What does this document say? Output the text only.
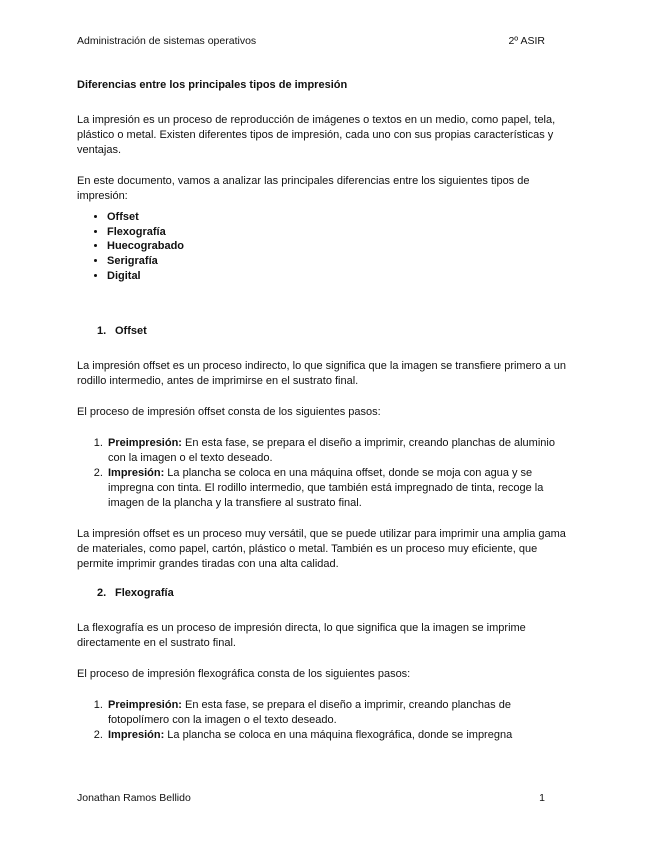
Administración de sistemas operativos	2º ASIR

Diferencias entre los principales tipos de impresión

La impresión es un proceso de reproducción de imágenes o textos en un medio, como papel, tela, plástico o metal. Existen diferentes tipos de impresión, cada uno con sus propias características y ventajas.

En este documento, vamos a analizar las principales diferencias entre los siguientes tipos de impresión:

• Offset
• Flexografía
• Huecograbado
• Serigrafía
• Digital
1. Offset

La impresión offset es un proceso indirecto, lo que significa que la imagen se transfiere primero a un rodillo intermedio, antes de imprimirse en el sustrato final.

El proceso de impresión offset consta de los siguientes pasos:

1. Preimpresión: En esta fase, se prepara el diseño a imprimir, creando planchas de aluminio con la imagen o el texto deseado.
2. Impresión: La plancha se coloca en una máquina offset, donde se moja con agua y se impregna con tinta. El rodillo intermedio, que también está impregnado de tinta, recoge la imagen de la plancha y la transfiere al sustrato final.

La impresión offset es un proceso muy versátil, que se puede utilizar para imprimir una amplia gama de materiales, como papel, cartón, plástico o metal. También es un proceso muy eficiente, que permite imprimir grandes tiradas con una alta calidad.

2. Flexografía

La flexografía es un proceso de impresión directa, lo que significa que la imagen se imprime directamente en el sustrato final.

El proceso de impresión flexográfica consta de los siguientes pasos:

1. Preimpresión: En esta fase, se prepara el diseño a imprimir, creando planchas de fotopolímero con la imagen o el texto deseado.
2. Impresión: La plancha se coloca en una máquina flexográfica, donde se impregna
Jonathan Ramos Bellido	1
